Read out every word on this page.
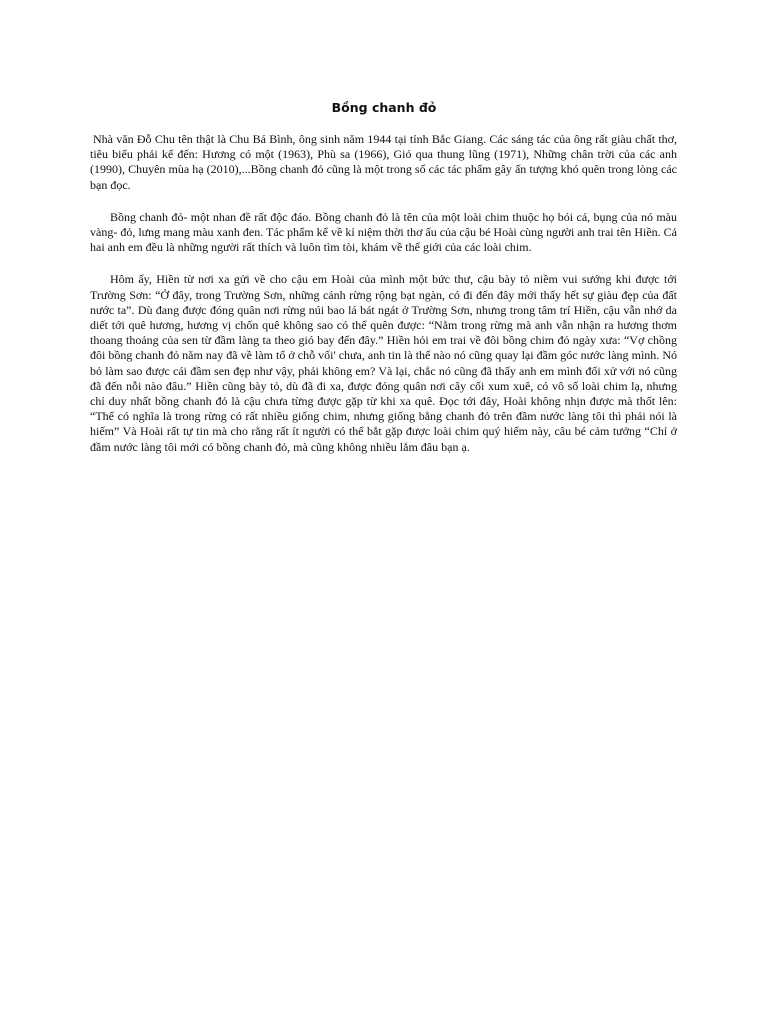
Bồng chanh đỏ

Nhà văn Đỗ Chu tên thật là Chu Bá Bình, ông sinh năm 1944 tại tỉnh Bắc Giang. Các sáng tác của ông rất giàu chất thơ, tiêu biểu phải kể đến: Hương có một (1963), Phù sa (1966), Gió qua thung lũng (1971), Những chân trời của các anh (1990), Chuyên mùa hạ (2010),...Bồng chanh đỏ cũng là một trong số các tác phẩm gây ấn tượng khó quên trong lòng các bạn đọc.

Bồng chanh đỏ- một nhan đề rất độc đáo. Bồng chanh đỏ là tên của một loài chim thuộc họ bói cá, bụng của nó màu vàng- đỏ, lưng mang màu xanh đen. Tác phẩm kể về kỉ niệm thời thơ ấu của cậu bé Hoài cùng người anh trai tên Hiền. Cả hai anh em đều là những người rất thích và luôn tìm tòi, khám về thế giới của các loài chim.

Hôm ấy, Hiền từ nơi xa gửi về cho cậu em Hoài của mình một bức thư, cậu bày tỏ niềm vui sướng khi được tới Trường Sơn: “Ở đây, trong Trường Sơn, những cánh rừng rộng bạt ngàn, có đi đến đây mới thấy hết sự giàu đẹp của đất nước ta”. Dù đang được đóng quân nơi rừng núi bao lá bát ngát ở Trường Sơn, nhưng trong tâm trí Hiền, cậu vẫn nhớ da diết tới quê hương, hương vị chốn quê không sao có thể quên được: “Nằm trong rừng mà anh vẫn nhận ra hương thơm thoang thoảng của sen từ đầm làng ta theo gió bay đến đây.” Hiền hỏi em trai về đôi bồng chim đỏ ngày xưa: “Vợ chồng đôi bồng chanh đỏ năm nay đã về làm tổ ở chỗ vối' chưa, anh tin là thế nào nó cũng quay lại đầm góc nước làng mình. Nó bỏ làm sao được cái đầm sen đẹp như vậy, phải không em? Và lại, chắc nó cũng đã thấy anh em mình đối xử với nó cũng đã đến nỗi nào đâu.” Hiền cũng bày tỏ, dù đã đi xa, được đóng quân nơi cây cối xum xuê, có vô số loài chim lạ, nhưng chỉ duy nhất bồng chanh đỏ là cậu chưa từng được gặp từ khi xa quê. Đọc tới đây, Hoài không nhịn được mà thốt lên: “Thế có nghĩa là trong rừng có rất nhiều giống chim, nhưng giống bằng chanh đỏ trên đầm nước làng tôi thì phải nói là hiếm” Và Hoài rất tự tin mà cho rằng rất ít người có thể bắt gặp được loài chim quý hiếm này, câu bé cảm tưởng “Chỉ ở đầm nước làng tôi mới có bồng chanh đỏ, mà cũng không nhiều lắm đâu bạn ạ.
